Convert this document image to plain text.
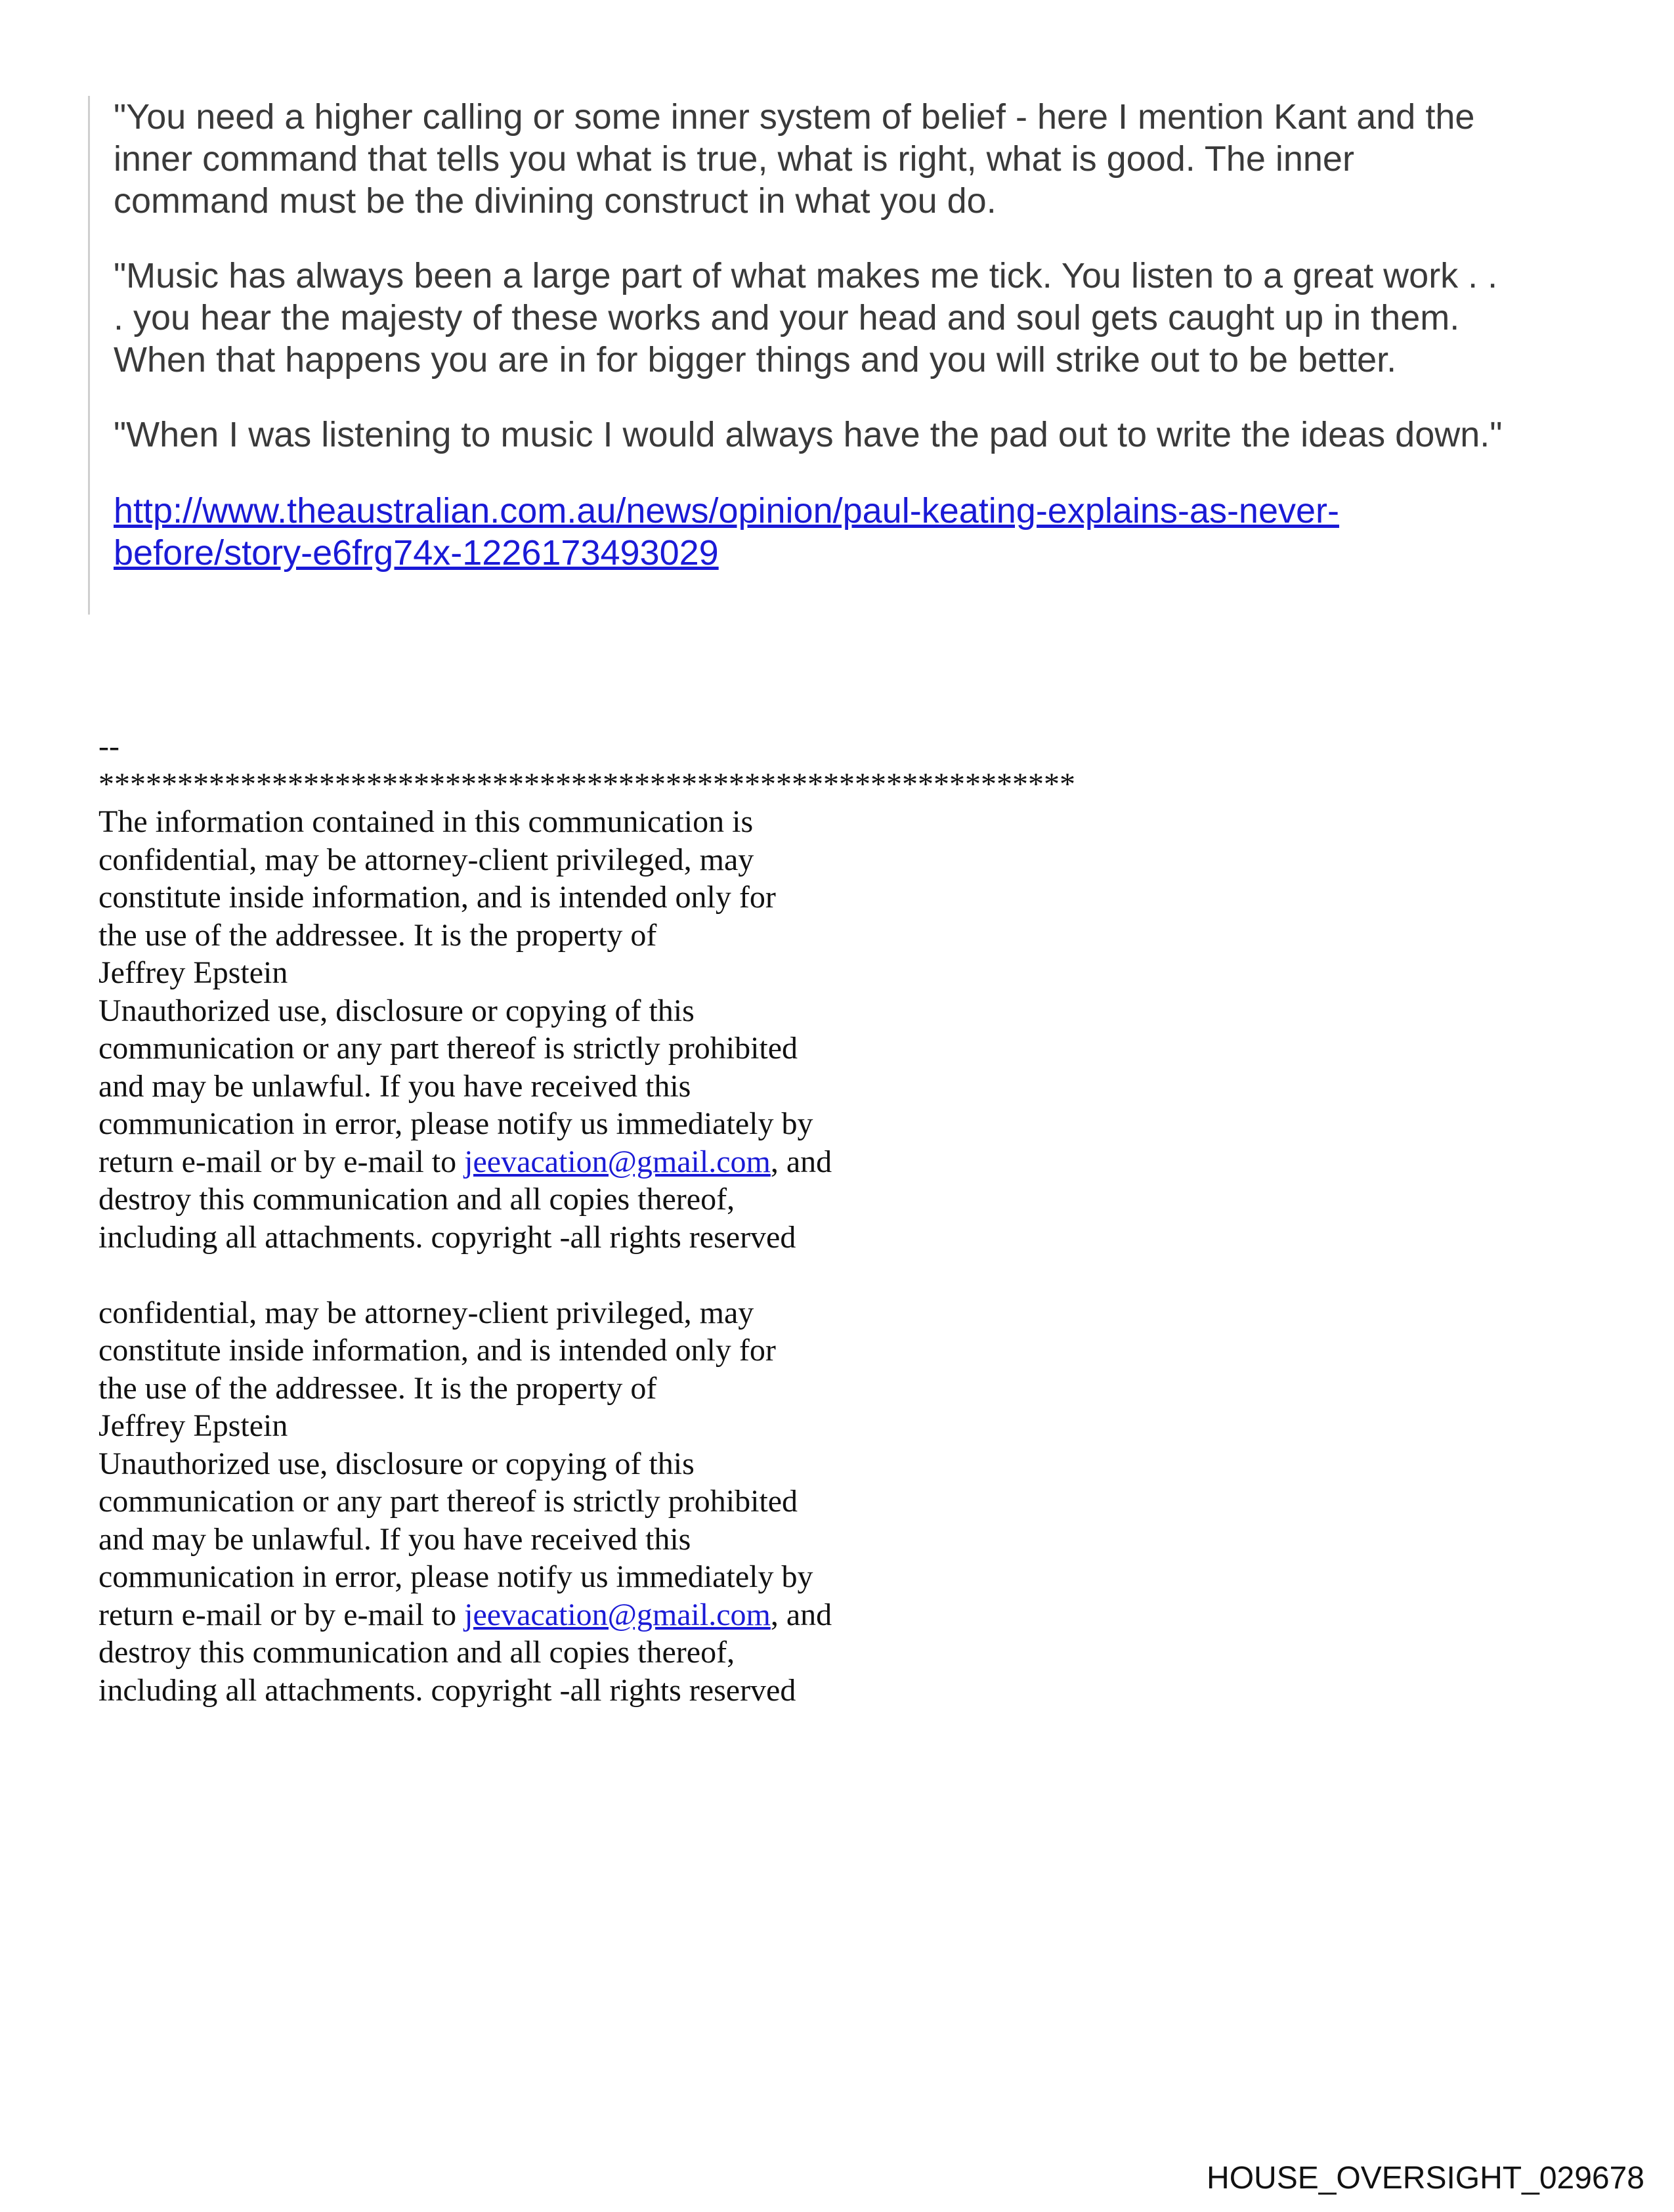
"You need a higher calling or some inner system of belief - here I mention Kant and the
inner command that tells you what is true, what is right, what is good. The inner
command must be the divining construct in what you do.

"Music has always been a large part of what makes me tick. You listen to a great work . .
. you hear the majesty of these works and your head and soul gets caught up in them.
When that happens you are in for bigger things and you will strike out to be better.

"When I was listening to music I would always have the pad out to write the ideas down."

http://www.theaustralian.com.au/news/opinion/paul-keating-explains-as-never-
before/story-e6frg74x-1226173493029
--
**************************************************************
The information contained in this communication is
confidential, may be attorney-client privileged, may
constitute inside information, and is intended only for
the use of the addressee. It is the property of
Jeffrey Epstein
Unauthorized use, disclosure or copying of this
communication or any part thereof is strictly prohibited
and may be unlawful. If you have received this
communication in error, please notify us immediately by
return e-mail or by e-mail to jeevacation@gmail.com, and
destroy this communication and all copies thereof,
including all attachments. copyright -all rights reserved
confidential, may be attorney-client privileged, may
constitute inside information, and is intended only for
the use of the addressee. It is the property of
Jeffrey Epstein
Unauthorized use, disclosure or copying of this
communication or any part thereof is strictly prohibited
and may be unlawful. If you have received this
communication in error, please notify us immediately by
return e-mail or by e-mail to jeevacation@gmail.com, and
destroy this communication and all copies thereof,
including all attachments. copyright -all rights reserved
HOUSE_OVERSIGHT_029678
